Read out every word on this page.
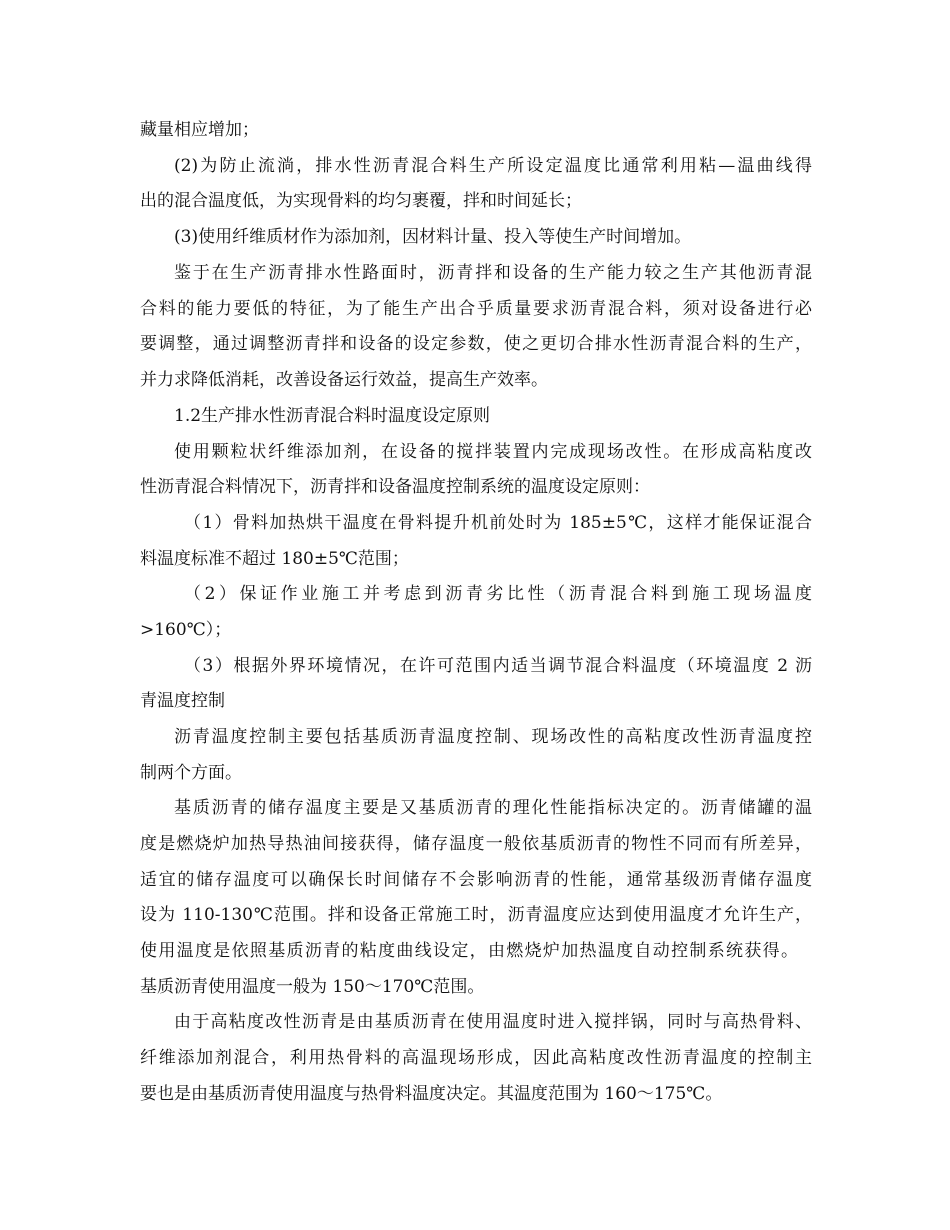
藏量相应增加；
(2)为防止流淌，排水性沥青混合料生产所设定温度比通常利用粘—温曲线得
出的混合温度低，为实现骨料的均匀裹覆，拌和时间延长；
(3)使用纤维质材作为添加剂，因材料计量、投入等使生产时间增加。
鉴于在生产沥青排水性路面时，沥青拌和设备的生产能力较之生产其他沥青混
合料的能力要低的特征，为了能生产出合乎质量要求沥青混合料，须对设备进行必
要调整，通过调整沥青拌和设备的设定参数，使之更切合排水性沥青混合料的生产，
并力求降低消耗，改善设备运行效益，提高生产效率。
1.2生产排水性沥青混合料时温度设定原则
使用颗粒状纤维添加剂，在设备的搅拌装置内完成现场改性。在形成高粘度改
性沥青混合料情况下，沥青拌和设备温度控制系统的温度设定原则：
（1）骨料加热烘干温度在骨料提升机前处时为 185±5℃，这样才能保证混合
料温度标准不超过 180±5℃范围；
（2）保证作业施工并考虑到沥青劣比性（沥青混合料到施工现场温度
>160℃）；
（3）根据外界环境情况，在许可范围内适当调节混合料温度（环境温度 2 沥
青温度控制
沥青温度控制主要包括基质沥青温度控制、现场改性的高粘度改性沥青温度控
制两个方面。
基质沥青的储存温度主要是又基质沥青的理化性能指标决定的。沥青储罐的温
度是燃烧炉加热导热油间接获得，储存温度一般依基质沥青的物性不同而有所差异，
适宜的储存温度可以确保长时间储存不会影响沥青的性能，通常基级沥青储存温度
设为 110-130℃范围。拌和设备正常施工时，沥青温度应达到使用温度才允许生产，
使用温度是依照基质沥青的粘度曲线设定，由燃烧炉加热温度自动控制系统获得。
基质沥青使用温度一般为 150～170℃范围。
由于高粘度改性沥青是由基质沥青在使用温度时进入搅拌锅，同时与高热骨料、
纤维添加剂混合，利用热骨料的高温现场形成，因此高粘度改性沥青温度的控制主
要也是由基质沥青使用温度与热骨料温度决定。其温度范围为 160～175℃。
